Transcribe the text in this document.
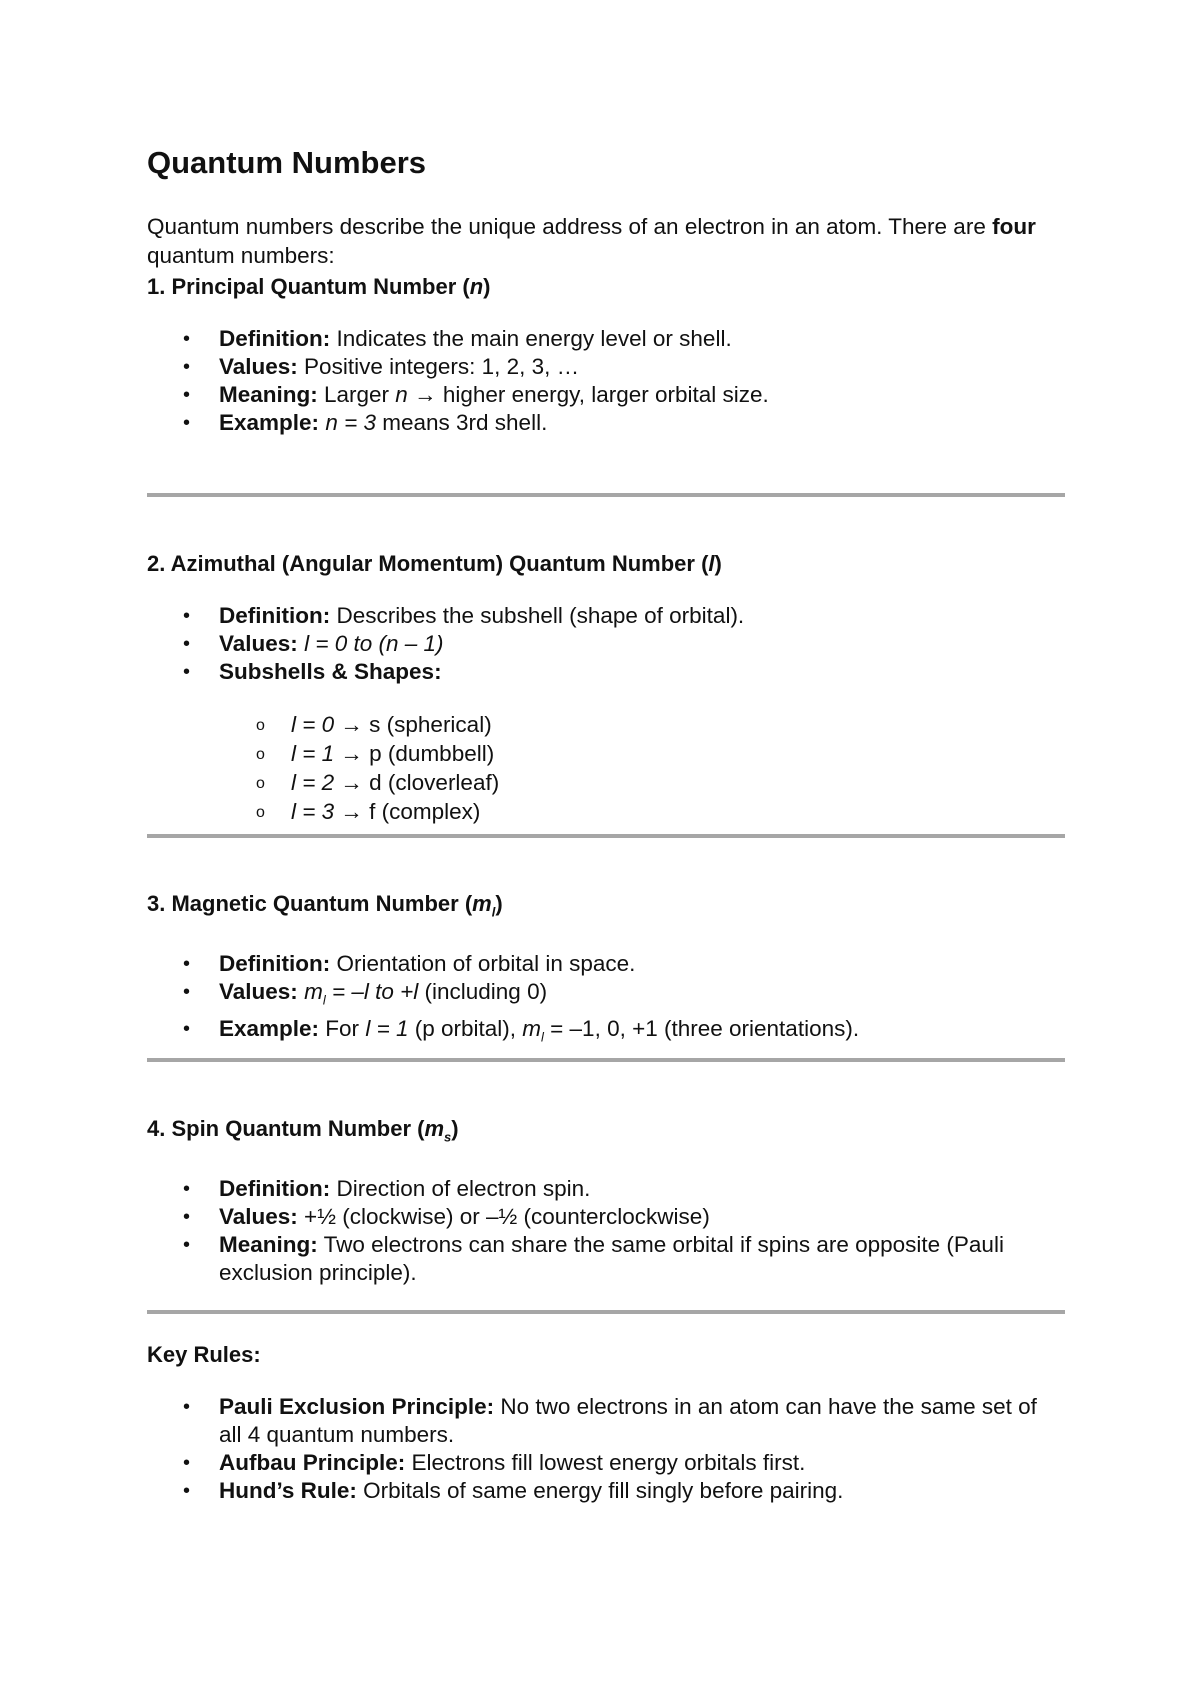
Quantum Numbers

Quantum numbers describe the unique address of an electron in an atom. There are four quantum numbers:

1. Principal Quantum Number (n)
• Definition: Indicates the main energy level or shell.
• Values: Positive integers: 1, 2, 3, …
• Meaning: Larger n → higher energy, larger orbital size.
• Example: n = 3 means 3rd shell.
2. Azimuthal (Angular Momentum) Quantum Number (l)
• Definition: Describes the subshell (shape of orbital).
• Values: l = 0 to (n – 1)
• Subshells & Shapes:
o l = 0 → s (spherical)
o l = 1 → p (dumbbell)
o l = 2 → d (cloverleaf)
o l = 3 → f (complex)
3. Magnetic Quantum Number $(m_l)$
• Definition: Orientation of orbital in space.
• Values: $m_l = -l$ to +l (including 0)
• Example: For l = 1 (p orbital), $m_l = -1$, 0, +1 (three orientations).
4. Spin Quantum Number $(m_s)$
• Definition: Direction of electron spin.
• Values: +½ (clockwise) or –½ (counterclockwise)
• Meaning: Two electrons can share the same orbital if spins are opposite (Pauli exclusion principle).
Key Rules:
• Pauli Exclusion Principle: No two electrons in an atom can have the same set of all 4 quantum numbers.
• Aufbau Principle: Electrons fill lowest energy orbitals first.
• Hund’s Rule: Orbitals of same energy fill singly before pairing.
